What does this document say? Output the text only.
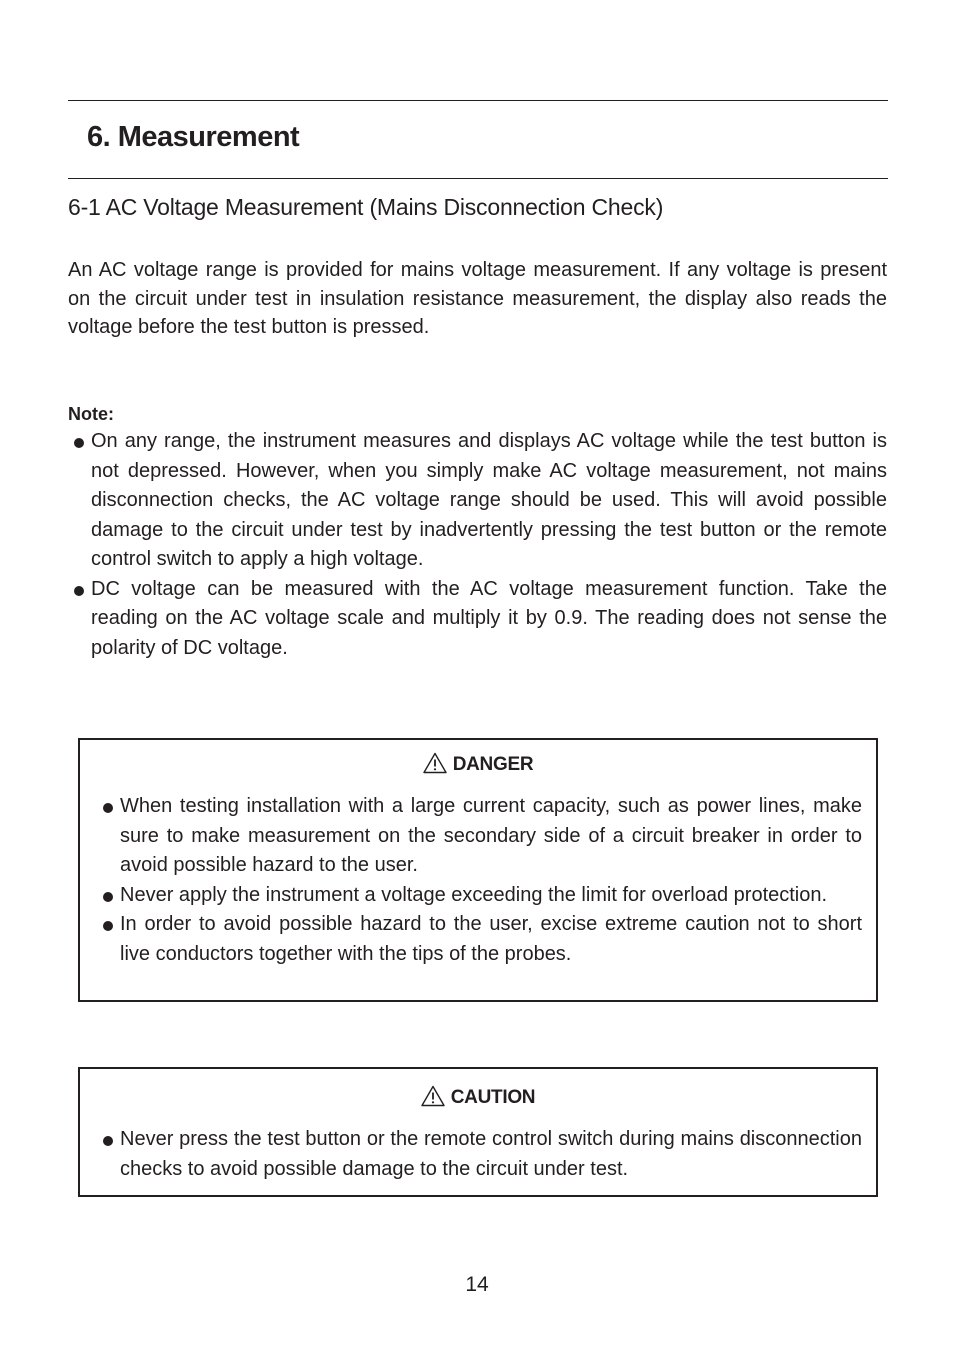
6. Measurement
6-1 AC Voltage Measurement (Mains Disconnection Check)

An AC voltage range is provided for mains voltage measurement. If any voltage is present on the circuit under test in insulation resistance measurement, the display also reads the voltage before the test button is pressed.

Note:
On any range, the instrument measures and displays AC voltage while the test button is not depressed. However, when you simply make AC voltage measurement, not mains disconnection checks, the AC voltage range should be used. This will avoid possible damage to the circuit under test by inadvertently pressing the test button or the remote control switch to apply a high voltage.
DC voltage can be measured with the AC voltage measurement function. Take the reading on the AC voltage scale and multiply it by 0.9. The reading does not sense the polarity of DC voltage.
DANGER
When testing installation with a large current capacity, such as power lines, make sure to make measurement on the secondary side of a circuit breaker in order to avoid possible hazard to the user.
Never apply the instrument a voltage exceeding the limit for overload protection.
In order to avoid possible hazard to the user, excise extreme caution not to short live conductors together with the tips of the probes.
CAUTION
Never press the test button or the remote control switch during mains disconnection checks to avoid possible damage to the circuit under test.
14
